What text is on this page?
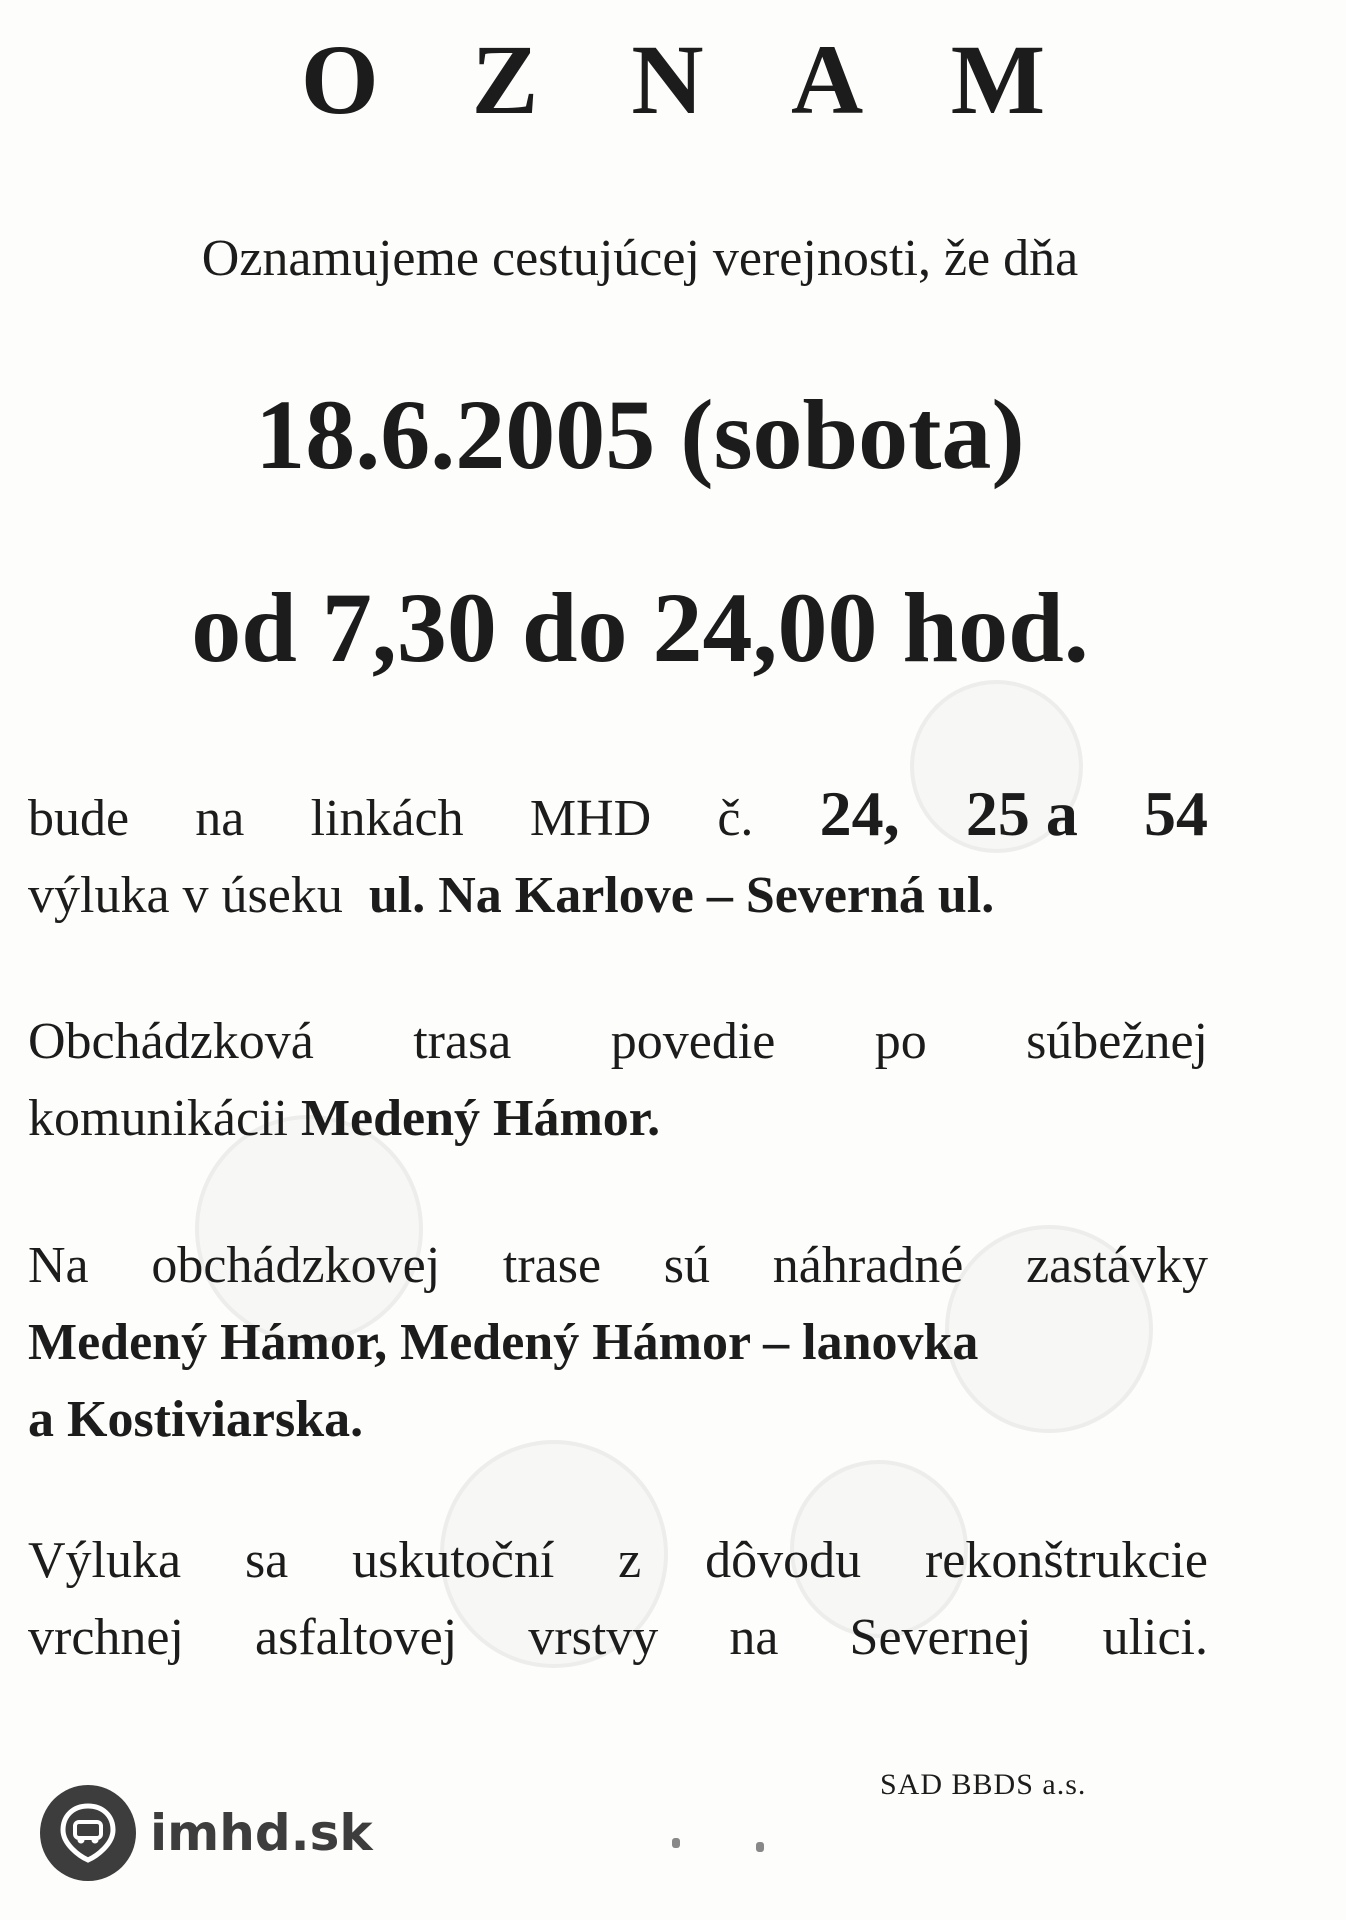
O Z N A M
Oznamujeme cestujúcej verejnosti, že dňa
18.6.2005 (sobota)
od 7,30 do 24,00 hod.
bude na linkách MHD č. 24, 25 a 54
výluka v úseku ul. Na Karlove – Severná ul.
Obchádzková trasa povedie po súbežnej
komunikácii Medený Hámor.
Na obchádzkovej trase sú náhradné zastávky
Medený Hámor, Medený Hámor – lanovka
a Kostiviarska.
Výluka sa uskutoční z dôvodu rekonštrukcie
vrchnej asfaltovej vrstvy na Severnej ulici.
SAD BBDS a.s.
imhd.sk
